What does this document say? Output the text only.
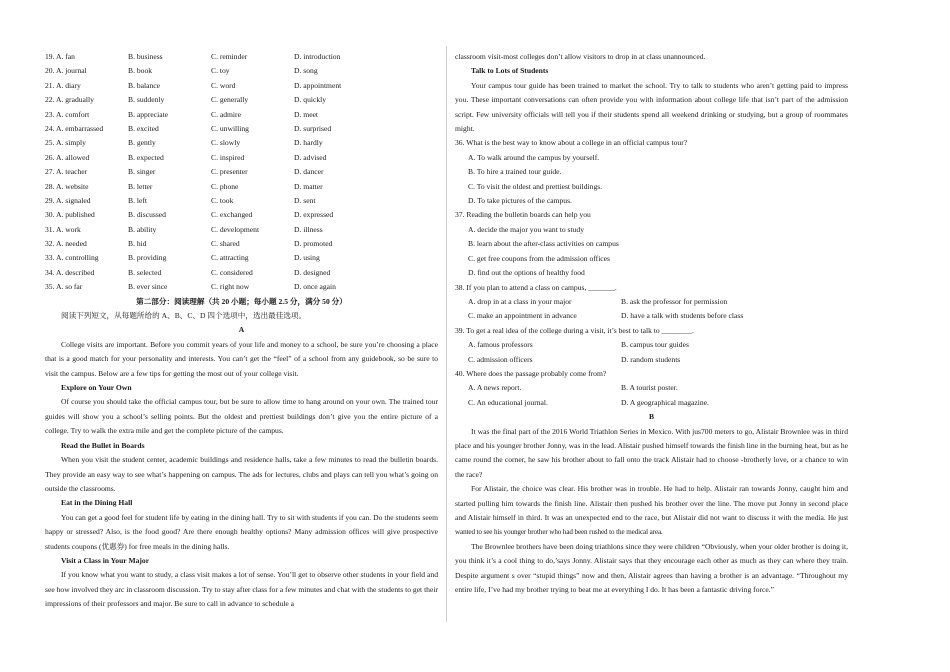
19. A. fan	B. business	C. reminder	D. introduction
20. A. journal	B. book	C. toy	D. song
21. A. diary	B. balance	C. word	D. appointment
22. A. gradually	B. suddenly	C. generally	D. quickly
23. A. comfort	B. appreciate	C. admire	D. meet
24. A. embarrassed	B. excited	C. unwilling	D. surprised
25. A. simply	B. gently	C. slowly	D. hardly
26. A. allowed	B. expected	C. inspired	D. advised
27. A. teacher	B. singer	C. presenter	D. dancer
28. A. website	B. letter	C. phone	D. matter
29. A. signaled	B. left	C. took	D. sent
30. A. published	B. discussed	C. exchanged	D. expressed
31. A. work	B. ability	C. development	D. illness
32. A. needed	B. hid	C. shared	D. promoted
33. A. controlling	B. providing	C. attracting	D. using
34. A. described	B. selected	C. considered	D. designed
35. A. so far	B. ever since	C. right now	D. once again
第二部分：阅读理解（共 20 小题；每小题 2.5 分，满分 50 分）
阅读下列短文，从每题所给的 A、B、C、D 四个选项中，选出最佳选项。
A

College visits are important. Before you commit years of your life and money to a school, be sure you’re choosing a place that is a good match for your personality and interests. You can’t get the “feel” of a school from any guidebook, so be sure to visit the campus. Below are a few tips for getting the most out of your college visit.

Explore on Your Own

Of course you should take the official campus tour, but be sure to allow time to hang around on your own. The trained tour guides will show you a school’s selling points. But the oldest and prettiest buildings don’t give you the entire picture of a college. Try to walk the extra mile and get the complete picture of the campus.

Read the Bullet in Boards

When you visit the student center, academic buildings and residence halls, take a few minutes to read the bulletin boards. They provide an easy way to see what’s happening on campus. The ads for lectures, clubs and plays can tell you what’s going on outside the classrooms.

Eat in the Dining Hall

You can get a good feel for student life by eating in the dining hall. Try to sit with students if you can. Do the students seem happy or stressed? Also, is the food good? Are there enough healthy options? Many admission offices will give prospective students coupons (优惠券) for free meals in the dining halls.

Visit a Class in Your Major

If you know what you want to study, a class visit makes a lot of sense. You’ll get to observe other students in your field and see how involved they arc in classroom discussion. Try to stay after class for a few minutes and chat with the students to get their impressions of their professors and major. Be sure to call in advance to schedule a

classroom visit-most colleges don’t allow visitors to drop in at class unannounced.

Talk to Lots of Students

Your campus tour guide has been trained to market the school. Try to talk to students who aren’t getting paid to impress you. These important conversations can often provide you with information about college life that isn’t part of the admission script. Few university officials will tell you if their students spend all weekend drinking or studying, but a group of roommates might.

36. What is the best way to know about a college in an official campus tour?
A. To walk around the campus by yourself.
B. To hire a trained tour guide.
C. To visit the oldest and prettiest buildings.
D. To take pictures of the campus.
37. Reading the bulletin boards can help you
A. decide the major you want to study
B. learn about the after-class activities on campus
C. get free coupons from the admission offices
D. find out the options of healthy food
38. If you plan to attend a class on campus, _______.
A. drop in at a class in your major	B. ask the professor for permission
C. make an appointment in advance	D. have a talk with students before class
39. To get a real idea of the college during a visit, it’s best to talk to ________.
A. famous professors	B. campus tour guides
C. admission officers	D. random students
40. Where does the passage probably come from?
A. A news report.	B. A tourist poster.
C. An educational journal.	D. A geographical magazine.
B

It was the final part of the 2016 World Triathlon Series in Mexico. With jus700 meters to go, Alistair Brownlee was in third place and his younger brother Jonny, was in the lead. Alistair pushed himself towards the finish line in the burning heat, but as he came round the corner, he saw his brother about to fall onto the track Alistair had to choose -brotherly love, or a chance to win the race?

For Alistair, the choice was clear. His brother was in trouble. He had to help. Alistair ran towards Jonny, caught him and started pulling him towards the finish line. Alistair then pushed his brother over the line. The move put Jonny in second place and Alistair himself in third. It was an unexpected end to the race, but Alistair did not want to discuss it with the media. He just wanted to see his younger brother who had been rushed to the medical area.

The Brownlee brothers have been doing triathlons since they were children “Obviously, when your older brother is doing it, you think it’s a cool thing to do,’says Jonny. Alistair says that they encourage each other as much as they can where they train. Despite argument s over “stupid things” now and then, Alistair agrees than having a brother is an advantage. “Throughout my entire life, I’ve had my brother trying to beat me at everything I do. It has been a fantastic driving force.”
